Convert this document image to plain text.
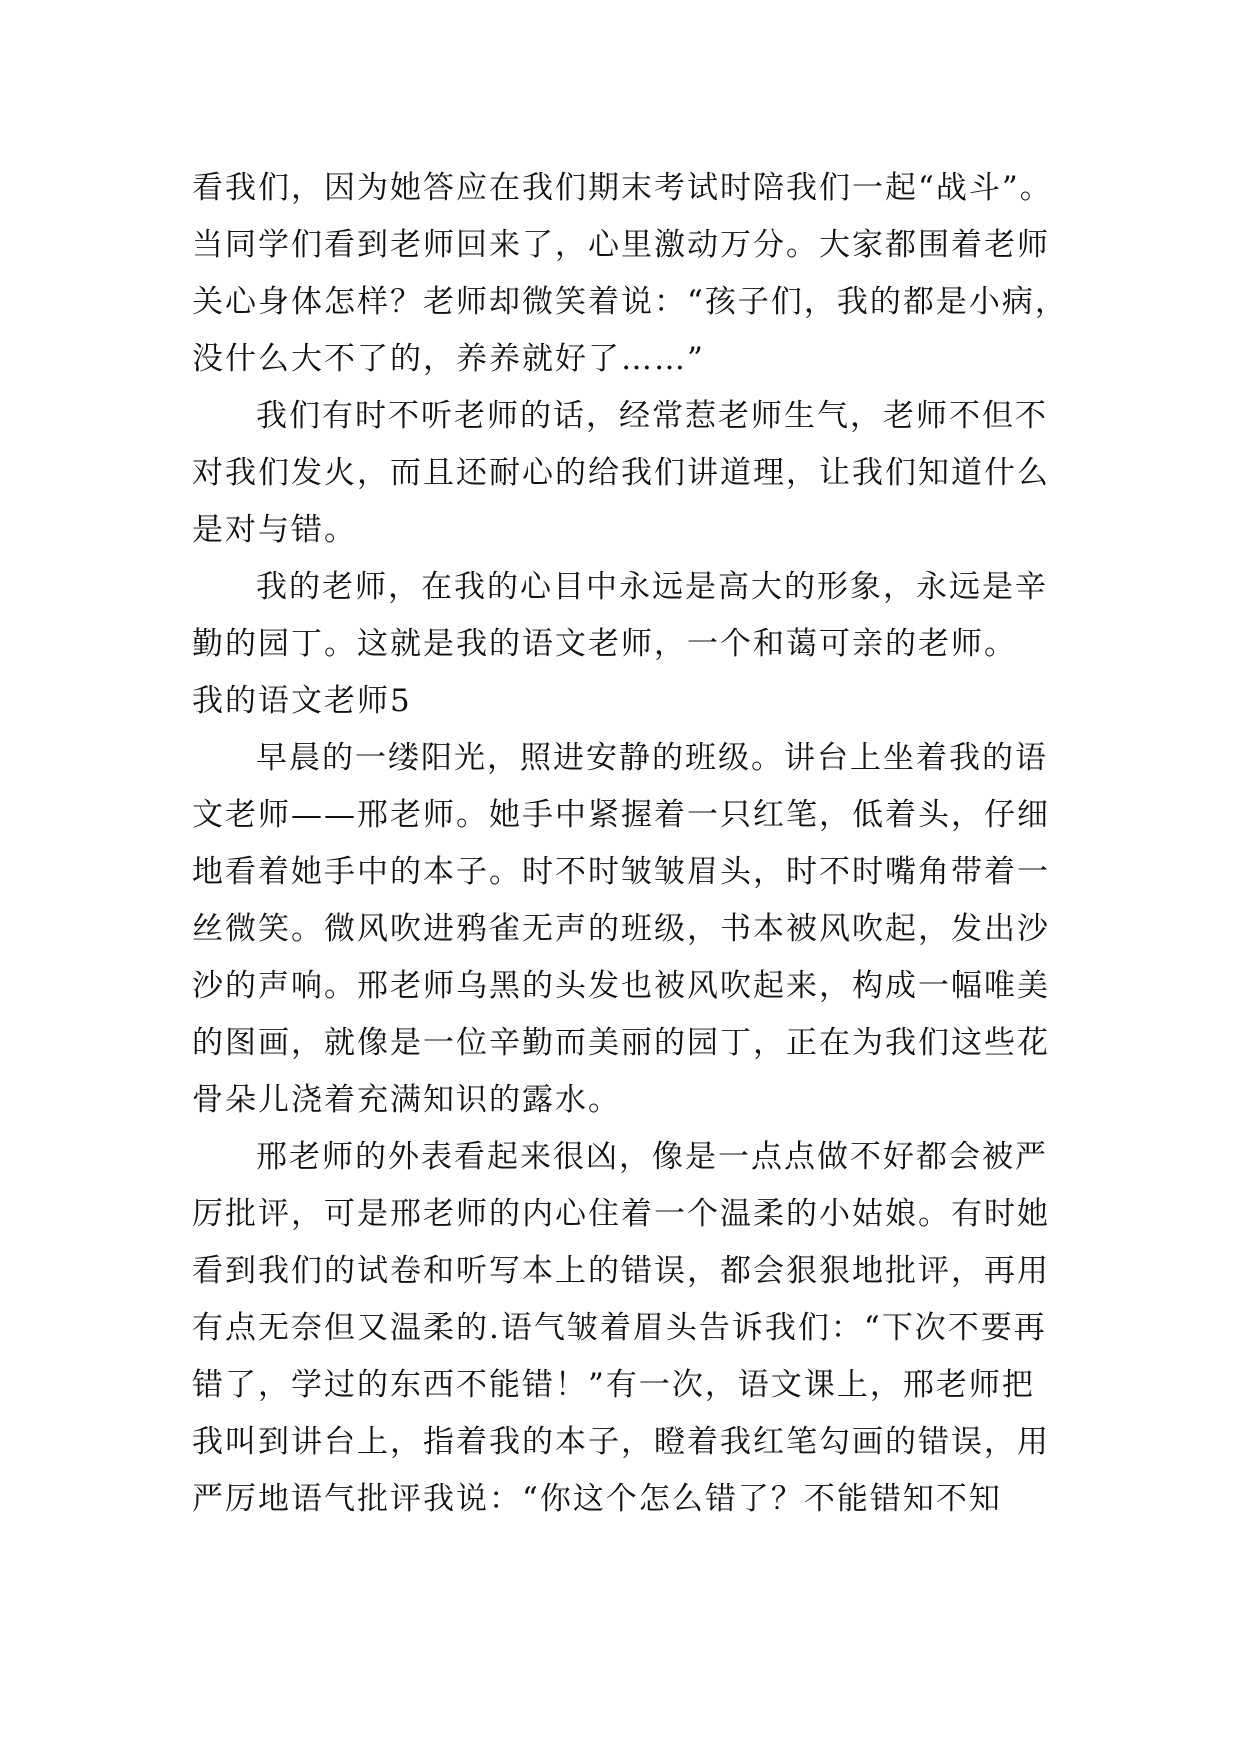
看我们，因为她答应在我们期末考试时陪我们一起“战斗”。
当同学们看到老师回来了，心里激动万分。大家都围着老师
关心身体怎样？老师却微笑着说：“孩子们，我的都是小病，
没什么大不了的，养养就好了……”
我们有时不听老师的话，经常惹老师生气，老师不但不
对我们发火，而且还耐心的给我们讲道理，让我们知道什么
是对与错。
我的老师，在我的心目中永远是高大的形象，永远是辛
勤的园丁。这就是我的语文老师，一个和蔼可亲的老师。
我的语文老师5
早晨的一缕阳光，照进安静的班级。讲台上坐着我的语
文老师——邢老师。她手中紧握着一只红笔，低着头，仔细
地看着她手中的本子。时不时皱皱眉头，时不时嘴角带着一
丝微笑。微风吹进鸦雀无声的班级，书本被风吹起，发出沙
沙的声响。邢老师乌黑的头发也被风吹起来，构成一幅唯美
的图画，就像是一位辛勤而美丽的园丁，正在为我们这些花
骨朵儿浇着充满知识的露水。
邢老师的外表看起来很凶，像是一点点做不好都会被严
厉批评，可是邢老师的内心住着一个温柔的小姑娘。有时她
看到我们的试卷和听写本上的错误，都会狠狠地批评，再用
有点无奈但又温柔的.语气皱着眉头告诉我们：“下次不要再
错了，学过的东西不能错！”有一次，语文课上，邢老师把
我叫到讲台上，指着我的本子，瞪着我红笔勾画的错误，用
严厉地语气批评我说：“你这个怎么错了？不能错知不知
